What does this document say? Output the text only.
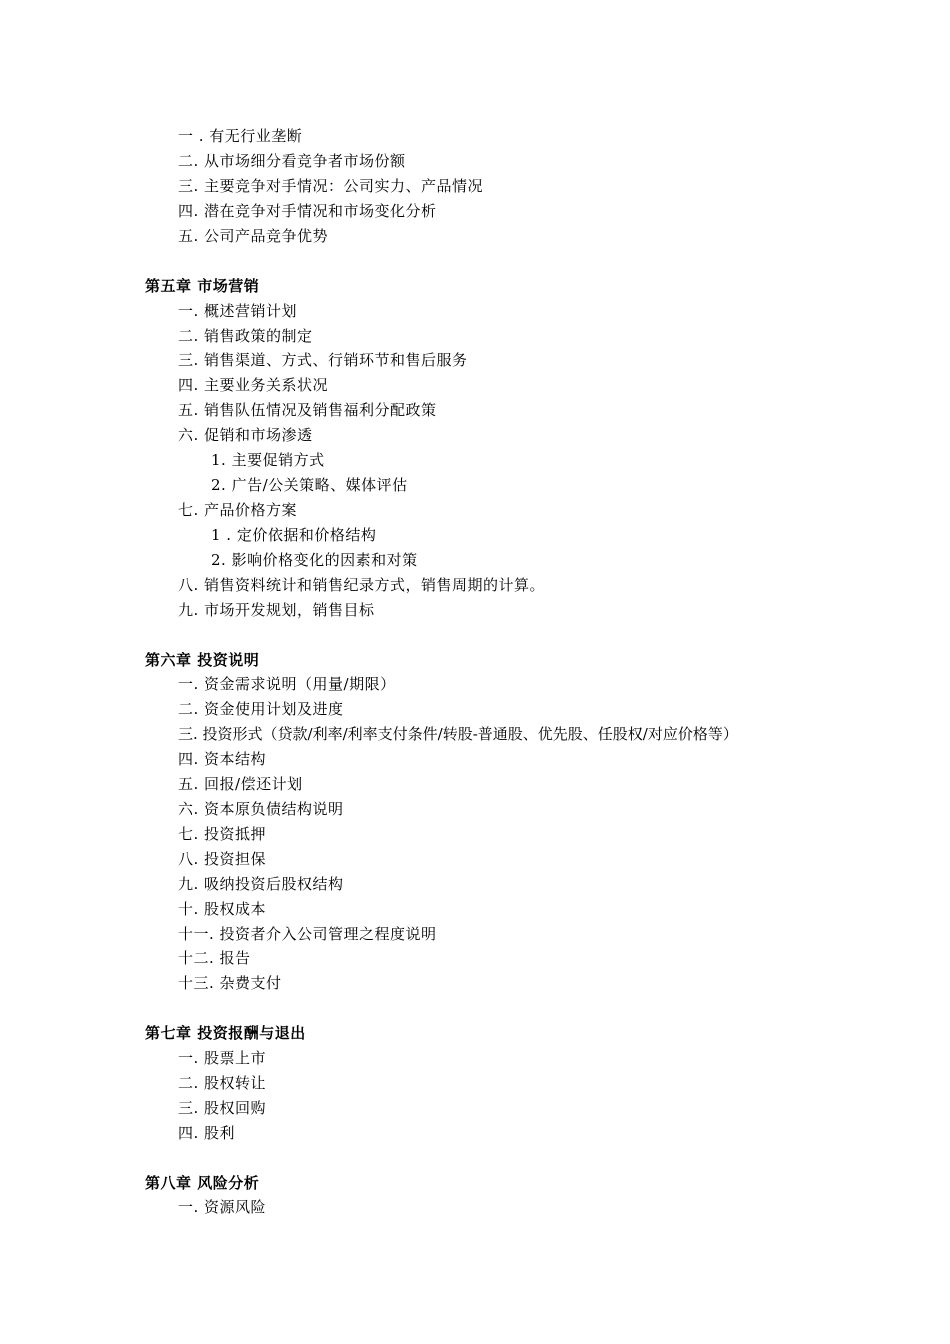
一 . 有无行业垄断
二. 从市场细分看竞争者市场份额
三. 主要竞争对手情况：公司实力、产品情况
四. 潜在竞争对手情况和市场变化分析
五. 公司产品竞争优势
第五章 市场营销
一. 概述营销计划
二. 销售政策的制定
三. 销售渠道、方式、行销环节和售后服务
四. 主要业务关系状况
五. 销售队伍情况及销售福利分配政策
六. 促销和市场渗透
1. 主要促销方式
2. 广告/公关策略、媒体评估
七. 产品价格方案
1 . 定价依据和价格结构
2. 影响价格变化的因素和对策
八. 销售资料统计和销售纪录方式，销售周期的计算。
九. 市场开发规划，销售目标
第六章 投资说明
一. 资金需求说明（用量/期限）
二. 资金使用计划及进度
三. 投资形式（贷款/利率/利率支付条件/转股-普通股、优先股、任股权/对应价格等）
四. 资本结构
五. 回报/偿还计划
六. 资本原负债结构说明
七. 投资抵押
八. 投资担保
九. 吸纳投资后股权结构
十. 股权成本
十一. 投资者介入公司管理之程度说明
十二. 报告
十三. 杂费支付
第七章 投资报酬与退出
一. 股票上市
二. 股权转让
三. 股权回购
四. 股利
第八章 风险分析
一. 资源风险
